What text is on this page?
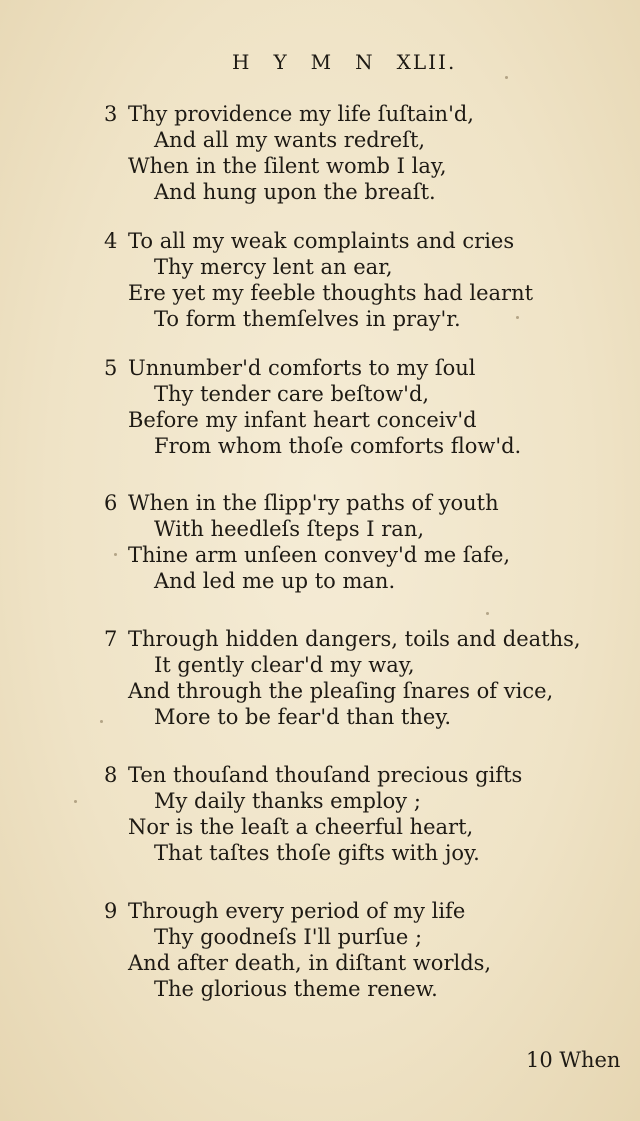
H Y M N XLII.
3 Thy providence my life ſuſtain'd,
And all my wants redreſt,
When in the ſilent womb I lay,
And hung upon the breaſt.
4 To all my weak complaints and cries
Thy mercy lent an ear,
Ere yet my feeble thoughts had learnt
To form themſelves in pray'r.
5 Unnumber'd comforts to my ſoul
Thy tender care beſtow'd,
Before my infant heart conceiv'd
From whom thoſe comforts flow'd.
6 When in the ſlipp'ry paths of youth
With heedleſs ſteps I ran,
Thine arm unſeen convey'd me ſafe,
And led me up to man.
7 Through hidden dangers, toils and deaths,
It gently clear'd my way,
And through the pleaſing ſnares of vice,
More to be fear'd than they.
8 Ten thouſand thouſand precious gifts
My daily thanks employ ;
Nor is the leaſt a cheerful heart,
That taſtes thoſe gifts with joy.
9 Through every period of my life
Thy goodneſs I'll purſue ;
And after death, in diſtant worlds,
The glorious theme renew.
10 When
